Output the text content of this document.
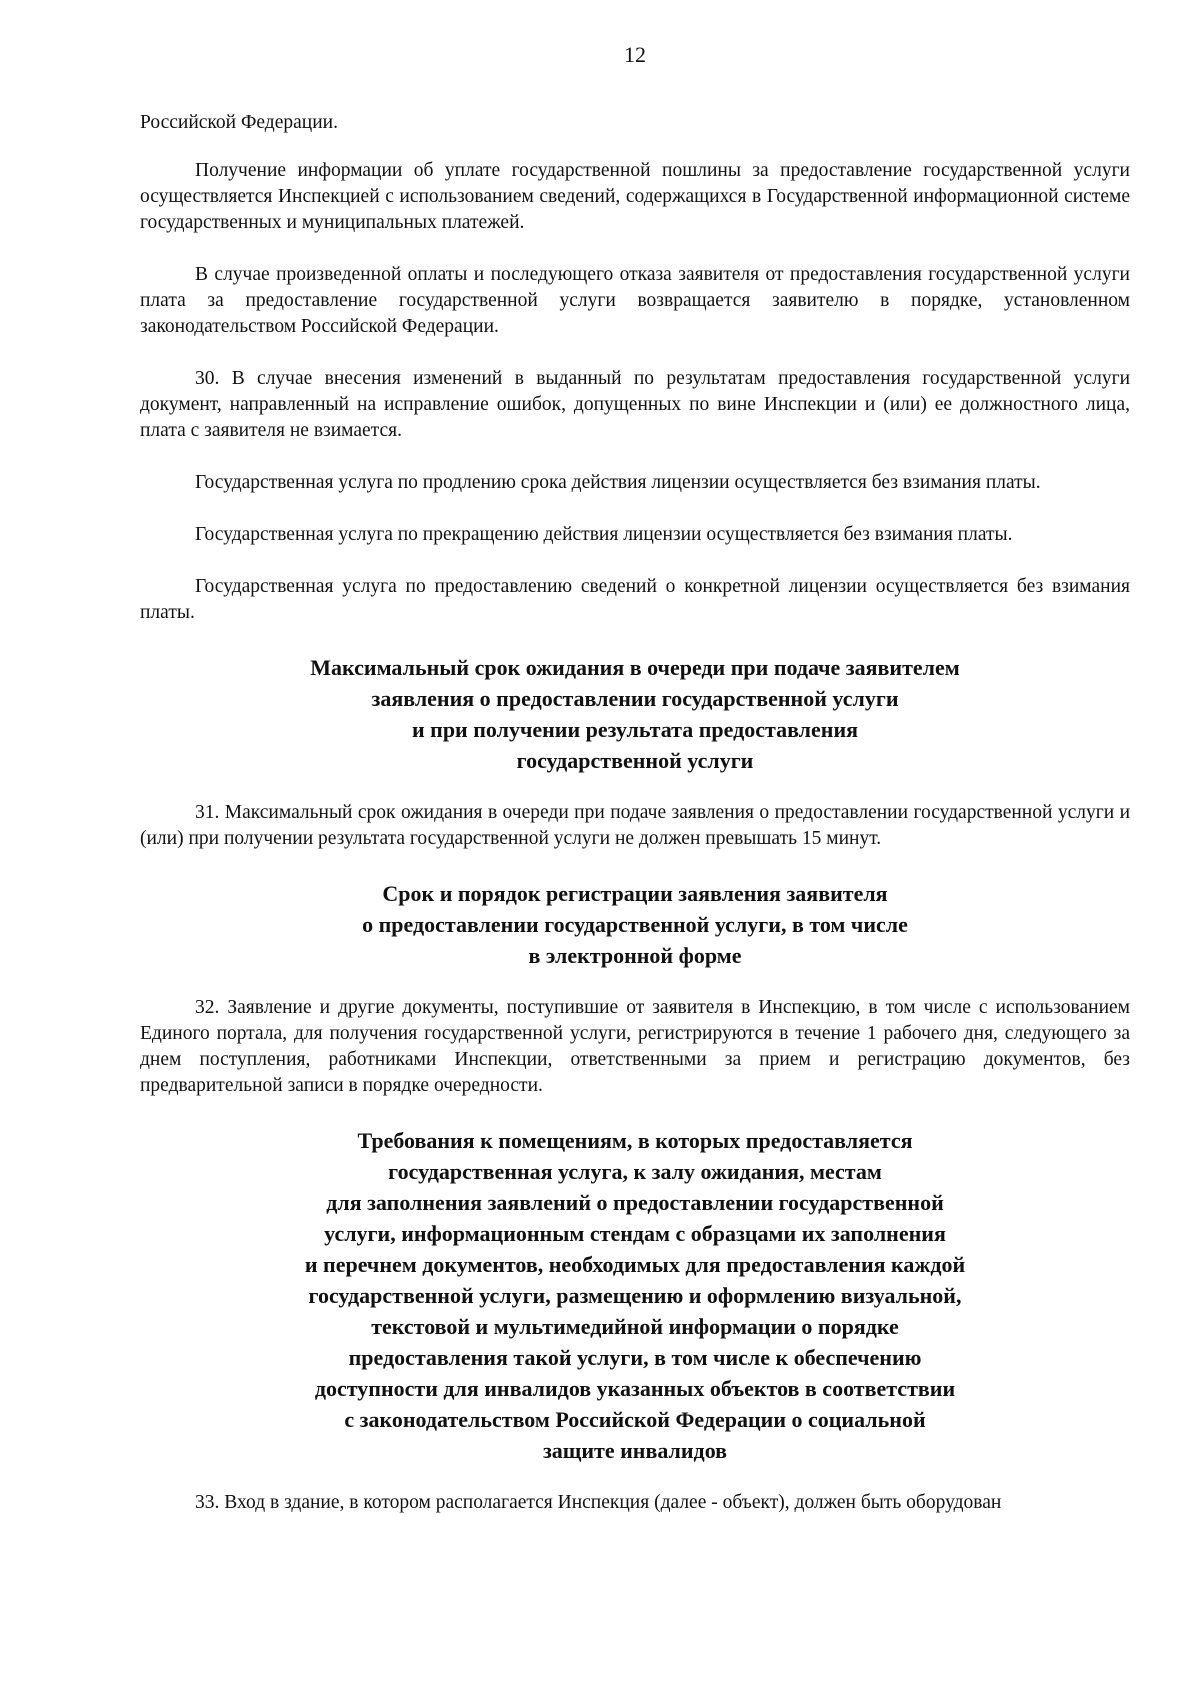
12

Российской Федерации.

Получение информации об уплате государственной пошлины за предоставление государственной услуги осуществляется Инспекцией с использованием сведений, содержащихся в Государственной информационной системе государственных и муниципальных платежей.

В случае произведенной оплаты и последующего отказа заявителя от предоставления государственной услуги плата за предоставление государственной услуги возвращается заявителю в порядке, установленном законодательством Российской Федерации.

30. В случае внесения изменений в выданный по результатам предоставления государственной услуги документ, направленный на исправление ошибок, допущенных по вине Инспекции и (или) ее должностного лица, плата с заявителя не взимается.

Государственная услуга по продлению срока действия лицензии осуществляется без взимания платы.

Государственная услуга по прекращению действия лицензии осуществляется без взимания платы.

Государственная услуга по предоставлению сведений о конкретной лицензии осуществляется без взимания платы.

Максимальный срок ожидания в очереди при подаче заявителем
заявления о предоставлении государственной услуги
и при получении результата предоставления
государственной услуги

31. Максимальный срок ожидания в очереди при подаче заявления о предоставлении государственной услуги и (или) при получении результата государственной услуги не должен превышать 15 минут.

Срок и порядок регистрации заявления заявителя
о предоставлении государственной услуги, в том числе
в электронной форме

32. Заявление и другие документы, поступившие от заявителя в Инспекцию, в том числе с использованием Единого портала, для получения государственной услуги, регистрируются в течение 1 рабочего дня, следующего за днем поступления, работниками Инспекции, ответственными за прием и регистрацию документов, без предварительной записи в порядке очередности.

Требования к помещениям, в которых предоставляется
государственная услуга, к залу ожидания, местам
для заполнения заявлений о предоставлении государственной
услуги, информационным стендам с образцами их заполнения
и перечнем документов, необходимых для предоставления каждой
государственной услуги, размещению и оформлению визуальной,
текстовой и мультимедийной информации о порядке
предоставления такой услуги, в том числе к обеспечению
доступности для инвалидов указанных объектов в соответствии
с законодательством Российской Федерации о социальной
защите инвалидов

33. Вход в здание, в котором располагается Инспекция (далее - объект), должен быть оборудован
